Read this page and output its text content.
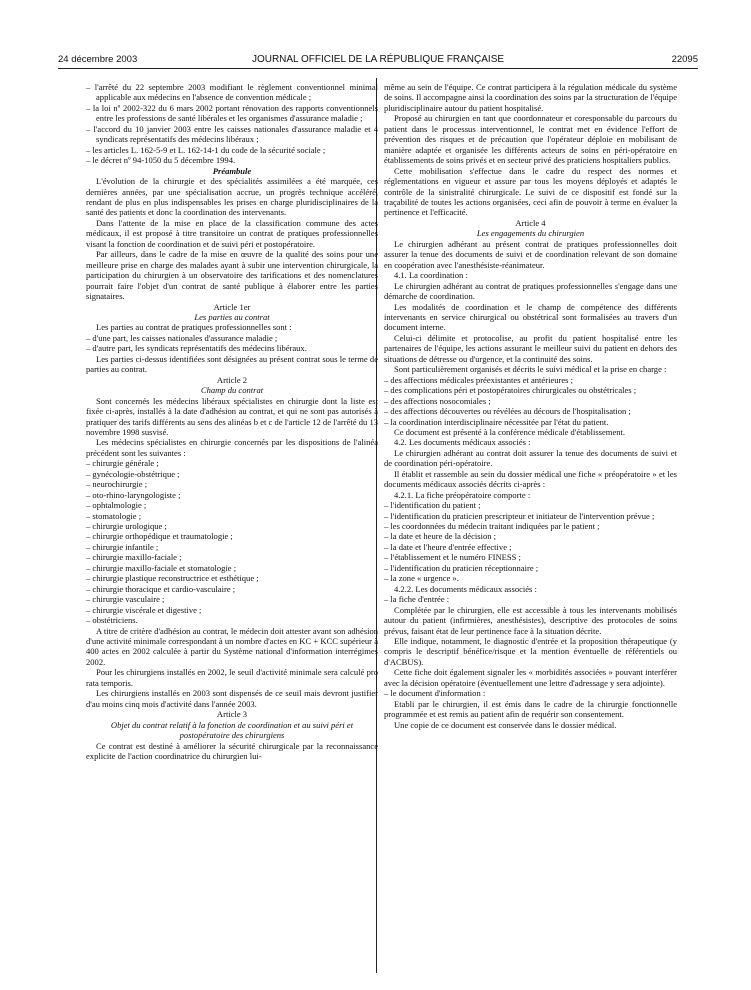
24 décembre 2003	JOURNAL OFFICIEL DE LA RÉPUBLIQUE FRANÇAISE	22095

– l'arrêté du 22 septembre 2003 modifiant le règlement conventionnel minimal applicable aux médecins en l'absence de convention médicale ;

– la loi nº 2002-322 du 6 mars 2002 portant rénovation des rapports conventionnels entre les professions de santé libérales et les organismes d'assurance maladie ;

– l'accord du 10 janvier 2003 entre les caisses nationales d'assurance maladie et 4 syndicats représentatifs des médecins libéraux ;

– les articles L. 162-5-9 et L. 162-14-1 du code de la sécurité sociale ;

– le décret nº 94-1050 du 5 décembre 1994.

Préambule

L'évolution de la chirurgie et des spécialités assimilées a été marquée, ces dernières années, par une spécialisation accrue, un progrès technique accéléré, rendant de plus en plus indispensables les prises en charge pluridisciplinaires de la santé des patients et donc la coordination des intervenants.

Dans l'attente de la mise en place de la classification commune des actes médicaux, il est proposé à titre transitoire un contrat de pratiques professionnelles visant la fonction de coordination et de suivi péri et postopératoire.

Par ailleurs, dans le cadre de la mise en œuvre de la qualité des soins pour une meilleure prise en charge des malades ayant à subir une intervention chirurgicale, la participation du chirurgien à un observatoire des tarifications et des nomenclatures pourrait faire l'objet d'un contrat de santé publique à élaborer entre les parties signataires.

Article 1er

Les parties au contrat

Les parties au contrat de pratiques professionnelles sont :

– d'une part, les caisses nationales d'assurance maladie ;

– d'autre part, les syndicats représentatifs des médecins libéraux.

Les parties ci-dessus identifiées sont désignées au présent contrat sous le terme de parties au contrat.

Article 2

Champ du contrat

Sont concernés les médecins libéraux spécialistes en chirurgie dont la liste est fixée ci-après, installés à la date d'adhésion au contrat, et qui ne sont pas autorisés à pratiquer des tarifs différents au sens des alinéas b et c de l'article 12 de l'arrêté du 13 novembre 1998 susvisé.

Les médecins spécialistes en chirurgie concernés par les dispositions de l'alinéa précédent sont les suivantes :

– chirurgie générale ;

– gynécologie-obstétrique ;

– neurochirurgie ;

– oto-rhino-laryngologiste ;

– ophtalmologie ;

– stomatologie ;

– chirurgie urologique ;

– chirurgie orthopédique et traumatologie ;

– chirurgie infantile ;

– chirurgie maxillo-faciale ;

– chirurgie maxillo-faciale et stomatologie ;

– chirurgie plastique reconstructrice et esthétique ;

– chirurgie thoracique et cardio-vasculaire ;

– chirurgie vasculaire ;

– chirurgie viscérale et digestive ;

– obstétriciens.

A titre de critère d'adhésion au contrat, le médecin doit attester avant son adhésion d'une activité minimale correspondant à un nombre d'actes en KC + KCC supérieur à 400 actes en 2002 calculée à partir du Système national d'information interrégimes 2002.

Pour les chirurgiens installés en 2002, le seuil d'activité minimale sera calculé pro rata temporis.

Les chirurgiens installés en 2003 sont dispensés de ce seuil mais devront justifier d'au moins cinq mois d'activité dans l'année 2003.

Article 3

Objet du contrat relatif à la fonction de coordination et au suivi péri et postopératoire des chirurgiens

Ce contrat est destiné à améliorer la sécurité chirurgicale par la reconnaissance explicite de l'action coordinatrice du chirurgien lui-

même au sein de l'équipe. Ce contrat participera à la régulation médicale du système de soins. Il accompagne ainsi la coordination des soins par la structuration de l'équipe pluridisciplinaire autour du patient hospitalisé.

Proposé au chirurgien en tant que coordonnateur et coresponsable du parcours du patient dans le processus interventionnel, le contrat met en évidence l'effort de prévention des risques et de précaution que l'opérateur déploie en mobilisant de manière adaptée et organisée les différents acteurs de soins en péri-opératoire en établissements de soins privés et en secteur privé des praticiens hospitaliers publics.

Cette mobilisation s'effectue dans le cadre du respect des normes et réglementations en vigueur et assure par tous les moyens déployés et adaptés le contrôle de la sinistralité chirurgicale. Le suivi de ce dispositif est fondé sur la traçabilité de toutes les actions organisées, ceci afin de pouvoir à terme en évaluer la pertinence et l'efficacité.

Article 4

Les engagements du chirurgien

Le chirurgien adhérant au présent contrat de pratiques professionnelles doit assurer la tenue des documents de suivi et de coordination relevant de son domaine en coopération avec l'anesthésiste-réanimateur.

4.1. La coordination :

Le chirurgien adhérant au contrat de pratiques professionnelles s'engage dans une démarche de coordination.

Les modalités de coordination et le champ de compétence des différents intervenants en service chirurgical ou obstétrical sont formalisées au travers d'un document interne.

Celui-ci délimite et protocolise, au profit du patient hospitalisé entre les partenaires de l'équipe, les actions assurant le meilleur suivi du patient en dehors des situations de détresse ou d'urgence, et la continuité des soins.

Sont particulièrement organisés et décrits le suivi médical et la prise en charge :

– des affections médicales préexistantes et antérieures ;

– des complications péri et postopératoires chirurgicales ou obstétricales ;

– des affections nosocomiales ;

– des affections découvertes ou révélées au décours de l'hospitalisation ;

– la coordination interdisciplinaire nécessitée par l'état du patient.

Ce document est présenté à la conférence médicale d'établissement.

4.2. Les documents médicaux associés :

Le chirurgien adhérant au contrat doit assurer la tenue des documents de suivi et de coordination péri-opératoire.

Il établit et rassemble au sein du dossier médical une fiche « préopératoire » et les documents médicaux associés décrits ci-après :

4.2.1. La fiche préopératoire comporte :

– l'identification du patient ;

– l'identification du praticien prescripteur et initiateur de l'intervention prévue ;

– les coordonnées du médecin traitant indiquées par le patient ;

– la date et heure de la décision ;

– la date et l'heure d'entrée effective ;

– l'établissement et le numéro FINESS ;

– l'identification du praticien réceptionnaire ;

– la zone « urgence ».

4.2.2. Les documents médicaux associés :

– la fiche d'entrée :

Complétée par le chirurgien, elle est accessible à tous les intervenants mobilisés autour du patient (infirmières, anesthésistes), descriptive des protocoles de soins prévus, faisant état de leur pertinence face à la situation décrite.

Elle indique, notamment, le diagnostic d'entrée et la proposition thérapeutique (y compris le descriptif bénéfice/risque et la mention éventuelle de référentiels ou d'ACBUS).

Cette fiche doit également signaler les « morbidités associées » pouvant interférer avec la décision opératoire (éventuellement une lettre d'adressage y sera adjointe).

– le document d'information :

Etabli par le chirurgien, il est émis dans le cadre de la chirurgie fonctionnelle programmée et est remis au patient afin de requérir son consentement.

Une copie de ce document est conservée dans le dossier médical.
